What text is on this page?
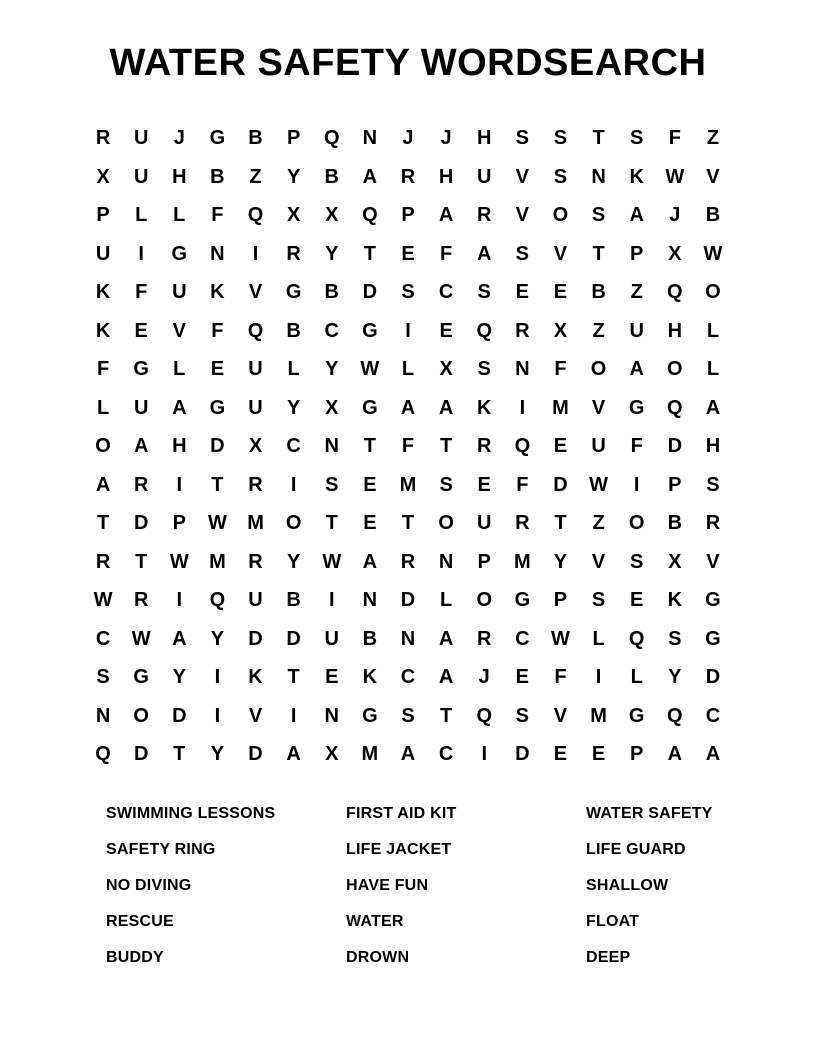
WATER SAFETY WORDSEARCH
R	U	J	G	B	P	Q	N	J	J	H	S	S	T	S	F	Z
X	U	H	B	Z	Y	B	A	R	H	U	V	S	N	K	W	V
P	L	L	F	Q	X	X	Q	P	A	R	V	O	S	A	J	B
U	I	G	N	I	R	Y	T	E	F	A	S	V	T	P	X	W
K	F	U	K	V	G	B	D	S	C	S	E	E	B	Z	Q	O
K	E	V	F	Q	B	C	G	I	E	Q	R	X	Z	U	H	L
F	G	L	E	U	L	Y	W	L	X	S	N	F	O	A	O	L
L	U	A	G	U	Y	X	G	A	A	K	I	M	V	G	Q	A
O	A	H	D	X	C	N	T	F	T	R	Q	E	U	F	D	H
A	R	I	T	R	I	S	E	M	S	E	F	D	W	I	P	S
T	D	P	W	M	O	T	E	T	O	U	R	T	Z	O	B	R
R	T	W	M	R	Y	W	A	R	N	P	M	Y	V	S	X	V
W	R	I	Q	U	B	I	N	D	L	O	G	P	S	E	K	G
C	W	A	Y	D	D	U	B	N	A	R	C	W	L	Q	S	G
S	G	Y	I	K	T	E	K	C	A	J	E	F	I	L	Y	D
N	O	D	I	V	I	N	G	S	T	Q	S	V	M	G	Q	C
Q	D	T	Y	D	A	X	M	A	C	I	D	E	E	P	A	A
SWIMMING LESSONS
SAFETY RING
NO DIVING
RESCUE
BUDDY
FIRST AID KIT
LIFE JACKET
HAVE FUN
WATER
DROWN
WATER SAFETY
LIFE GUARD
SHALLOW
FLOAT
DEEP
